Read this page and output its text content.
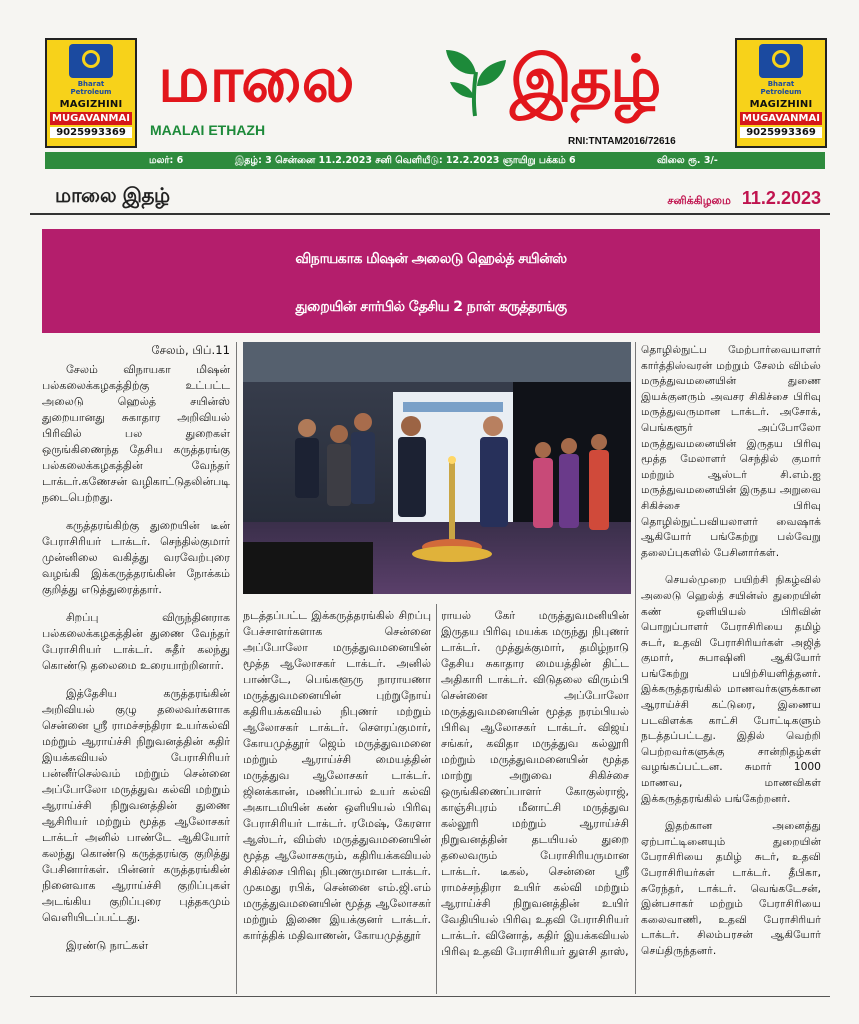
Bharat
Petroleum
MAGIZHINI
MUGAVANMAI
9025993369
மாலை இதழ்
MAALAI ETHAZH
RNI:TNTAM2016/72616
Bharat
Petroleum
MAGIZHINI
MUGAVANMAI
9025993369
மலர்: 6	இதழ்: 3 சென்னை 11.2.2023 சனி வெளியீடு: 12.2.2023 ஞாயிறு பக்கம் 6	விலை ரூ. 3/-
மாலை இதழ்	சனிக்கிழமை 11.2.2023
விநாயகாக மிஷன் அலைடு ஹெல்த் சயின்ஸ்
துறையின் சார்பில் தேசிய 2 நாள் கருத்தரங்கு
சேலம், பிப்.11

சேலம் விநாயகா மிஷன் பல்கலைக்கழகத்திற்கு உட்பட்ட அலைடு ஹெல்த் சயின்ஸ் துறையானது சுகாதார அறிவியல் பிரிவில் பல துறைகள் ஒருங்கிணைந்த தேசிய கருத்தரங்கு பல்கலைக்கழகத்தின் வேந்தர் டாக்டர்.கணேசன் வழிகாட்டுதலின்படி நடைபெற்றது.

கருத்தரங்கிற்கு துறையின் டீன் பேராசிரியர் டாக்டர். செந்தில்குமார் முன்னிலை வகித்து வரவேற்புரை வழங்கி இக்கருத்தரங்கின் நோக்கம் குறித்து எடுத்துரைத்தார்.

சிறப்பு விருந்தினராக பல்கலைக்கழகத்தின் துணை வேந்தர் பேராசிரியர் டாக்டர். சுதீர் கலந்து கொண்டு தலைமை உரையாற்றினார்.

இத்தேசிய கருத்தரங்கின் அறிவியல் குழு தலைவர்களாக சென்னை ஸ்ரீ ராமச்சந்திரா உயர்கல்வி மற்றும் ஆராய்ச்சி நிறுவனத்தின் கதிர் இயக்கவியல் பேராசிரியர் பன்னீர்செல்வம் மற்றும் சென்னை அப்போலோ மருத்துவ கல்வி மற்றும் ஆராய்ச்சி நிறுவனத்தின் துணை ஆசிரியர் மற்றும் மூத்த ஆலோசகர் டாக்டர் அனில் பாண்டே ஆகியோர் கலந்து கொண்டு கருத்தரங்கு குறித்து பேசினார்கள். பின்னர் கருத்தரங்கின் நினைவாக ஆராய்ச்சி குறிப்புகள் அடங்கிய குறிப்புரை புத்தகமும் வெளியிடப்பட்டது.

இரண்டு நாட்கள்

நடத்தப்பட்ட இக்கருத்தரங்கில் சிறப்பு பேச்சாளர்களாக சென்னை அப்போலோ மருத்துவமனையின் மூத்த ஆலோசகர் டாக்டர். அனில் பாண்டே, பெங்களூரு நாராயணா மருத்துவமனையின் புற்றுநோய் கதிரியக்கவியல் நிபுணர் மற்றும் ஆலோசகர் டாக்டர். சௌரப்குமார், கோயமுத்தூர் ஜெம் மருத்துவமனை மற்றும் ஆராய்ச்சி மையத்தின் மருத்துவ ஆலோசகர் டாக்டர். ஜினக்கான், மணிப்பால் உயர் கல்வி அகாடமியின் கண் ஒளியியல் பிரிவு பேராசிரியர் டாக்டர். ரமேஷ், கேரளா ஆஸ்டர், விம்ஸ் மருத்துவமனையின் மூத்த ஆலோசகரும், கதிரியக்கவியல் சிகிச்சை பிரிவு நிபுணருமான டாக்டர். முகமது ரபிக், சென்னை எம்.ஜி.எம் மருத்துவமனையின் மூத்த ஆலோசகர் மற்றும் இணை இயக்குனர் டாக்டர். கார்த்திக் மதிவாணன், கோயமுத்தூர்

ராயல் கேர் மருத்துவமனியின் இருதய பிரிவு மயக்க மருந்து நிபுணர் டாக்டர். முத்துக்குமார், தமிழ்நாடு தேசிய சுகாதார மையத்தின் திட்ட அதிகாரி டாக்டர். விடுதலை விரும்பி சென்னை அப்போலோ மருத்துவமனையின் மூத்த நரம்பியல் பிரிவு ஆலோசகர் டாக்டர். விஜய் சங்கர், கவிதா மருத்துவ கல்லூரி மற்றும் மருத்துவமனையின் மூத்த மாற்று அறுவை சிகிச்சை ஒருங்கிணைப்பாளர் கோகுல்ராஜ், காஞ்சிபுரம் மீனாட்சி மருத்துவ கல்லூரி மற்றும் ஆராய்ச்சி நிறுவனத்தின் தடயியல் துறை தலைவரும் பேராசிரியருமான டாக்டர். டீகல், சென்னை ஸ்ரீ ராமச்சந்திரா உயிர் கல்வி மற்றும் ஆராய்ச்சி நிறுவனத்தின் உயிர் வேதியியல் பிரிவு உதவி பேராசிரியர் டாக்டர். வினோத், கதிர் இயக்கவியல் பிரிவு உதவி பேராசிரியர் துளசி தாஸ்,

தொழில்நுட்ப மேற்பார்வையாளர் கார்த்திஸ்வரன் மற்றும் சேலம் விம்ஸ் மருத்துவமனையின் துணை இயக்குனரும் அவசர சிகிச்சை பிரிவு மருத்துவருமான டாக்டர். அசோக், பெங்களூர் அப்போலோ மருத்துவமனையின் இருதய பிரிவு மூத்த மேலாளர் செந்தில் குமார் மற்றும் ஆஸ்டர் சி.எம்.ஐ மருத்துவமனையின் இருதய அறுவை சிகிச்சை பிரிவு தொழில்நுட்பவியலாளர் வைஷாக் ஆகியோர் பங்கேற்று பல்வேறு தலைப்புகளில் பேசினார்கள்.

செயல்முறை பயிற்சி நிகழ்வில் அலைடு ஹெல்த் சயின்ஸ் துறையின் கண் ஒளியியல் பிரிவின் பொறுப்பாளர் பேராசிரியை தமிழ் சுடர், உதவி பேராசிரியர்கள் அஜித் குமார், சுபாஷினி ஆகியோர் பங்கேற்று பயிற்சியளித்தனர். இக்கருத்தரங்கில் மாணவர்களுக்கான ஆராய்ச்சி கட்டுரை, இணைய படவிளக்க காட்சி போட்டிகளும் நடத்தப்பட்டது. இதில் வெற்றி பெற்றவர்களுக்கு சான்றிதழ்கள் வழங்கப்பட்டன. சுமார் 1000 மாணவ, மாணவிகள் இக்கருத்தரங்கில் பங்கேற்றனர்.

இதற்கான அனைத்து ஏற்பாட்டினையும் துறையின் பேராசிரியை தமிழ் சுடர், உதவி பேராசிரியர்கள் டாக்டர். தீபிகா, சுரேந்தர், டாக்டர். வெங்கடேசன், இன்பசாகர் மற்றும் பேராசிரியை கலைவாணி, உதவி பேராசிரியர் டாக்டர். சிலம்பரசன் ஆகியோர் செய்திருந்தனர்.
